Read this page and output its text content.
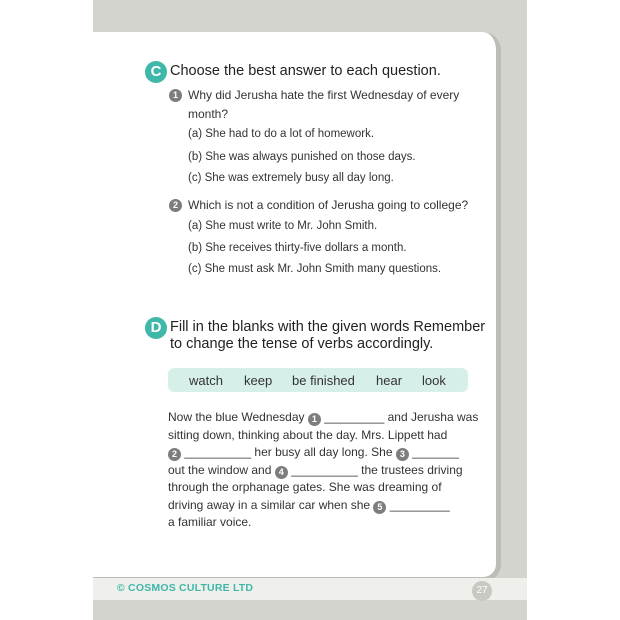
C Choose the best answer to each question.
1 Why did Jerusha hate the first Wednesday of every
month?
(a) She had to do a lot of homework.
(b) She was always punished on those days.
(c) She was extremely busy all day long.
2 Which is not a condition of Jerusha going to college?
(a) She must write to Mr. John Smith.
(b) She receives thirty-five dollars a month.
(c) She must ask Mr. John Smith many questions.
D Fill in the blanks with the given words Remember
to change the tense of verbs accordingly.
watch keep be finished hear look
Now the blue Wednesday 1 _________ and Jerusha was
sitting down, thinking about the day. Mrs. Lippett had
2 __________ her busy all day long. She 3 _______
out the window and 4 __________ the trustees driving
through the orphanage gates. She was dreaming of
driving away in a similar car when she 5 _________
a familiar voice.
© COSMOS CULTURE LTD	27
